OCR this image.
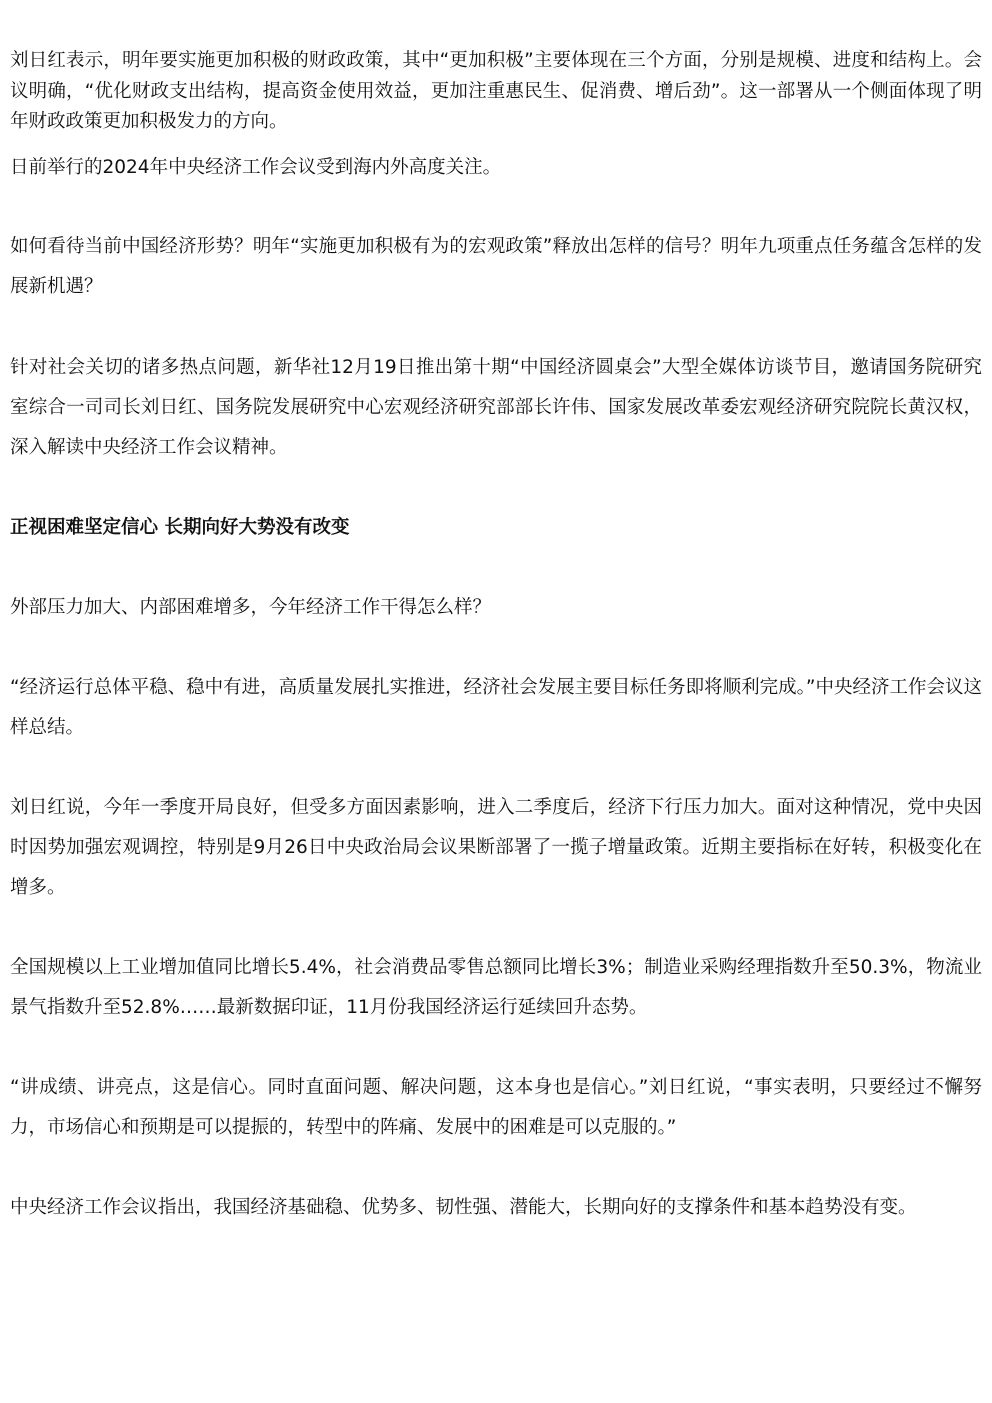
刘日红表示，明年要实施更加积极的财政政策，其中“更加积极”主要体现在三个方面，分别是规模、进度和结构上。会议明确，“优化财政支出结构，提高资金使用效益，更加注重惠民生、促消费、增后劲”。这一部署从一个侧面体现了明年财政政策更加积极发力的方向。

日前举行的2024年中央经济工作会议受到海内外高度关注。

如何看待当前中国经济形势？明年“实施更加积极有为的宏观政策”释放出怎样的信号？明年九项重点任务蕴含怎样的发展新机遇？

针对社会关切的诸多热点问题，新华社12月19日推出第十期“中国经济圆桌会”大型全媒体访谈节目，邀请国务院研究室综合一司司长刘日红、国务院发展研究中心宏观经济研究部部长许伟、国家发展改革委宏观经济研究院院长黄汉权，深入解读中央经济工作会议精神。

正视困难坚定信心 长期向好大势没有改变

外部压力加大、内部困难增多，今年经济工作干得怎么样？

“经济运行总体平稳、稳中有进，高质量发展扎实推进，经济社会发展主要目标任务即将顺利完成。”中央经济工作会议这样总结。

刘日红说，今年一季度开局良好，但受多方面因素影响，进入二季度后，经济下行压力加大。面对这种情况，党中央因时因势加强宏观调控，特别是9月26日中央政治局会议果断部署了一揽子增量政策。近期主要指标在好转，积极变化在增多。

全国规模以上工业增加值同比增长5.4%，社会消费品零售总额同比增长3%；制造业采购经理指数升至50.3%，物流业景气指数升至52.8%……最新数据印证，11月份我国经济运行延续回升态势。

“讲成绩、讲亮点，这是信心。同时直面问题、解决问题，这本身也是信心。”刘日红说，“事实表明，只要经过不懈努力，市场信心和预期是可以提振的，转型中的阵痛、发展中的困难是可以克服的。”

中央经济工作会议指出，我国经济基础稳、优势多、韧性强、潜能大，长期向好的支撑条件和基本趋势没有变。
